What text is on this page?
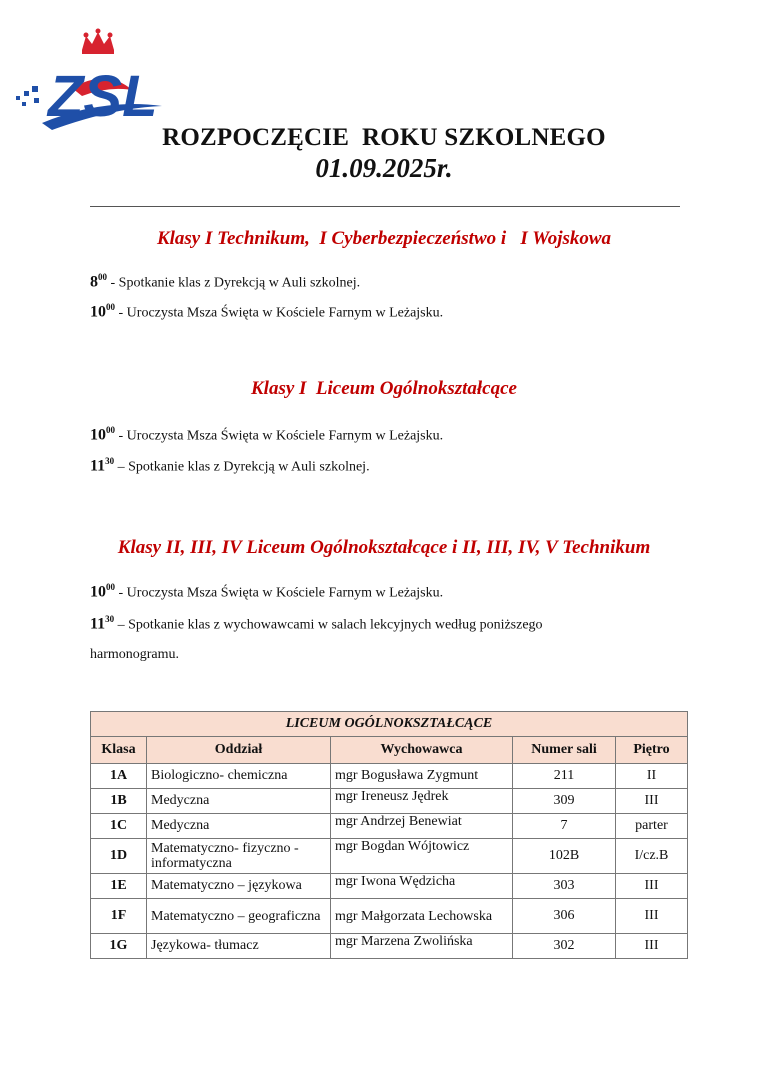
ZSL
ROZPOCZĘCIE  ROKU SZKOLNEGO
01.09.2025r.
Klasy I Technikum,  I Cyberbezpieczeństwo i   I Wojskowa
$8^{00}$ - Spotkanie klas z Dyrekcją w Auli szkolnej.
$10^{00}$ - Uroczysta Msza Święta w Kościele Farnym w Leżajsku.
Klasy I  Liceum Ogólnokształcące
$10^{00}$ - Uroczysta Msza Święta w Kościele Farnym w Leżajsku.
$11^{30}$ – Spotkanie klas z Dyrekcją w Auli szkolnej.
Klasy II, III, IV Liceum Ogólnokształcące i II, III, IV, V Technikum
$10^{00}$ - Uroczysta Msza Święta w Kościele Farnym w Leżajsku.
$11^{30}$ – Spotkanie klas z wychowawcami w salach lekcyjnych według poniższego
harmonogramu.
LICEUM OGÓLNOKSZTAŁCĄCE				
Klasa	Oddział	Wychowawca	Numer sali	Piętro
1A	Biologiczno- chemiczna	mgr Bogusława Zygmunt	211	II
1B	Medyczna	mgr Ireneusz Jędrek	309	III
1C	Medyczna	mgr Andrzej Benewiat	7	parter
1D	Matematyczno- fizyczno - informatyczna	mgr Bogdan Wójtowicz	102B	I/cz.B
1E	Matematyczno – językowa	mgr Iwona Wędzicha	303	III
1F	Matematyczno – geograficzna	mgr Małgorzata Lechowska	306	III
1G	Językowa- tłumacz	mgr Marzena Zwolińska	302	III
